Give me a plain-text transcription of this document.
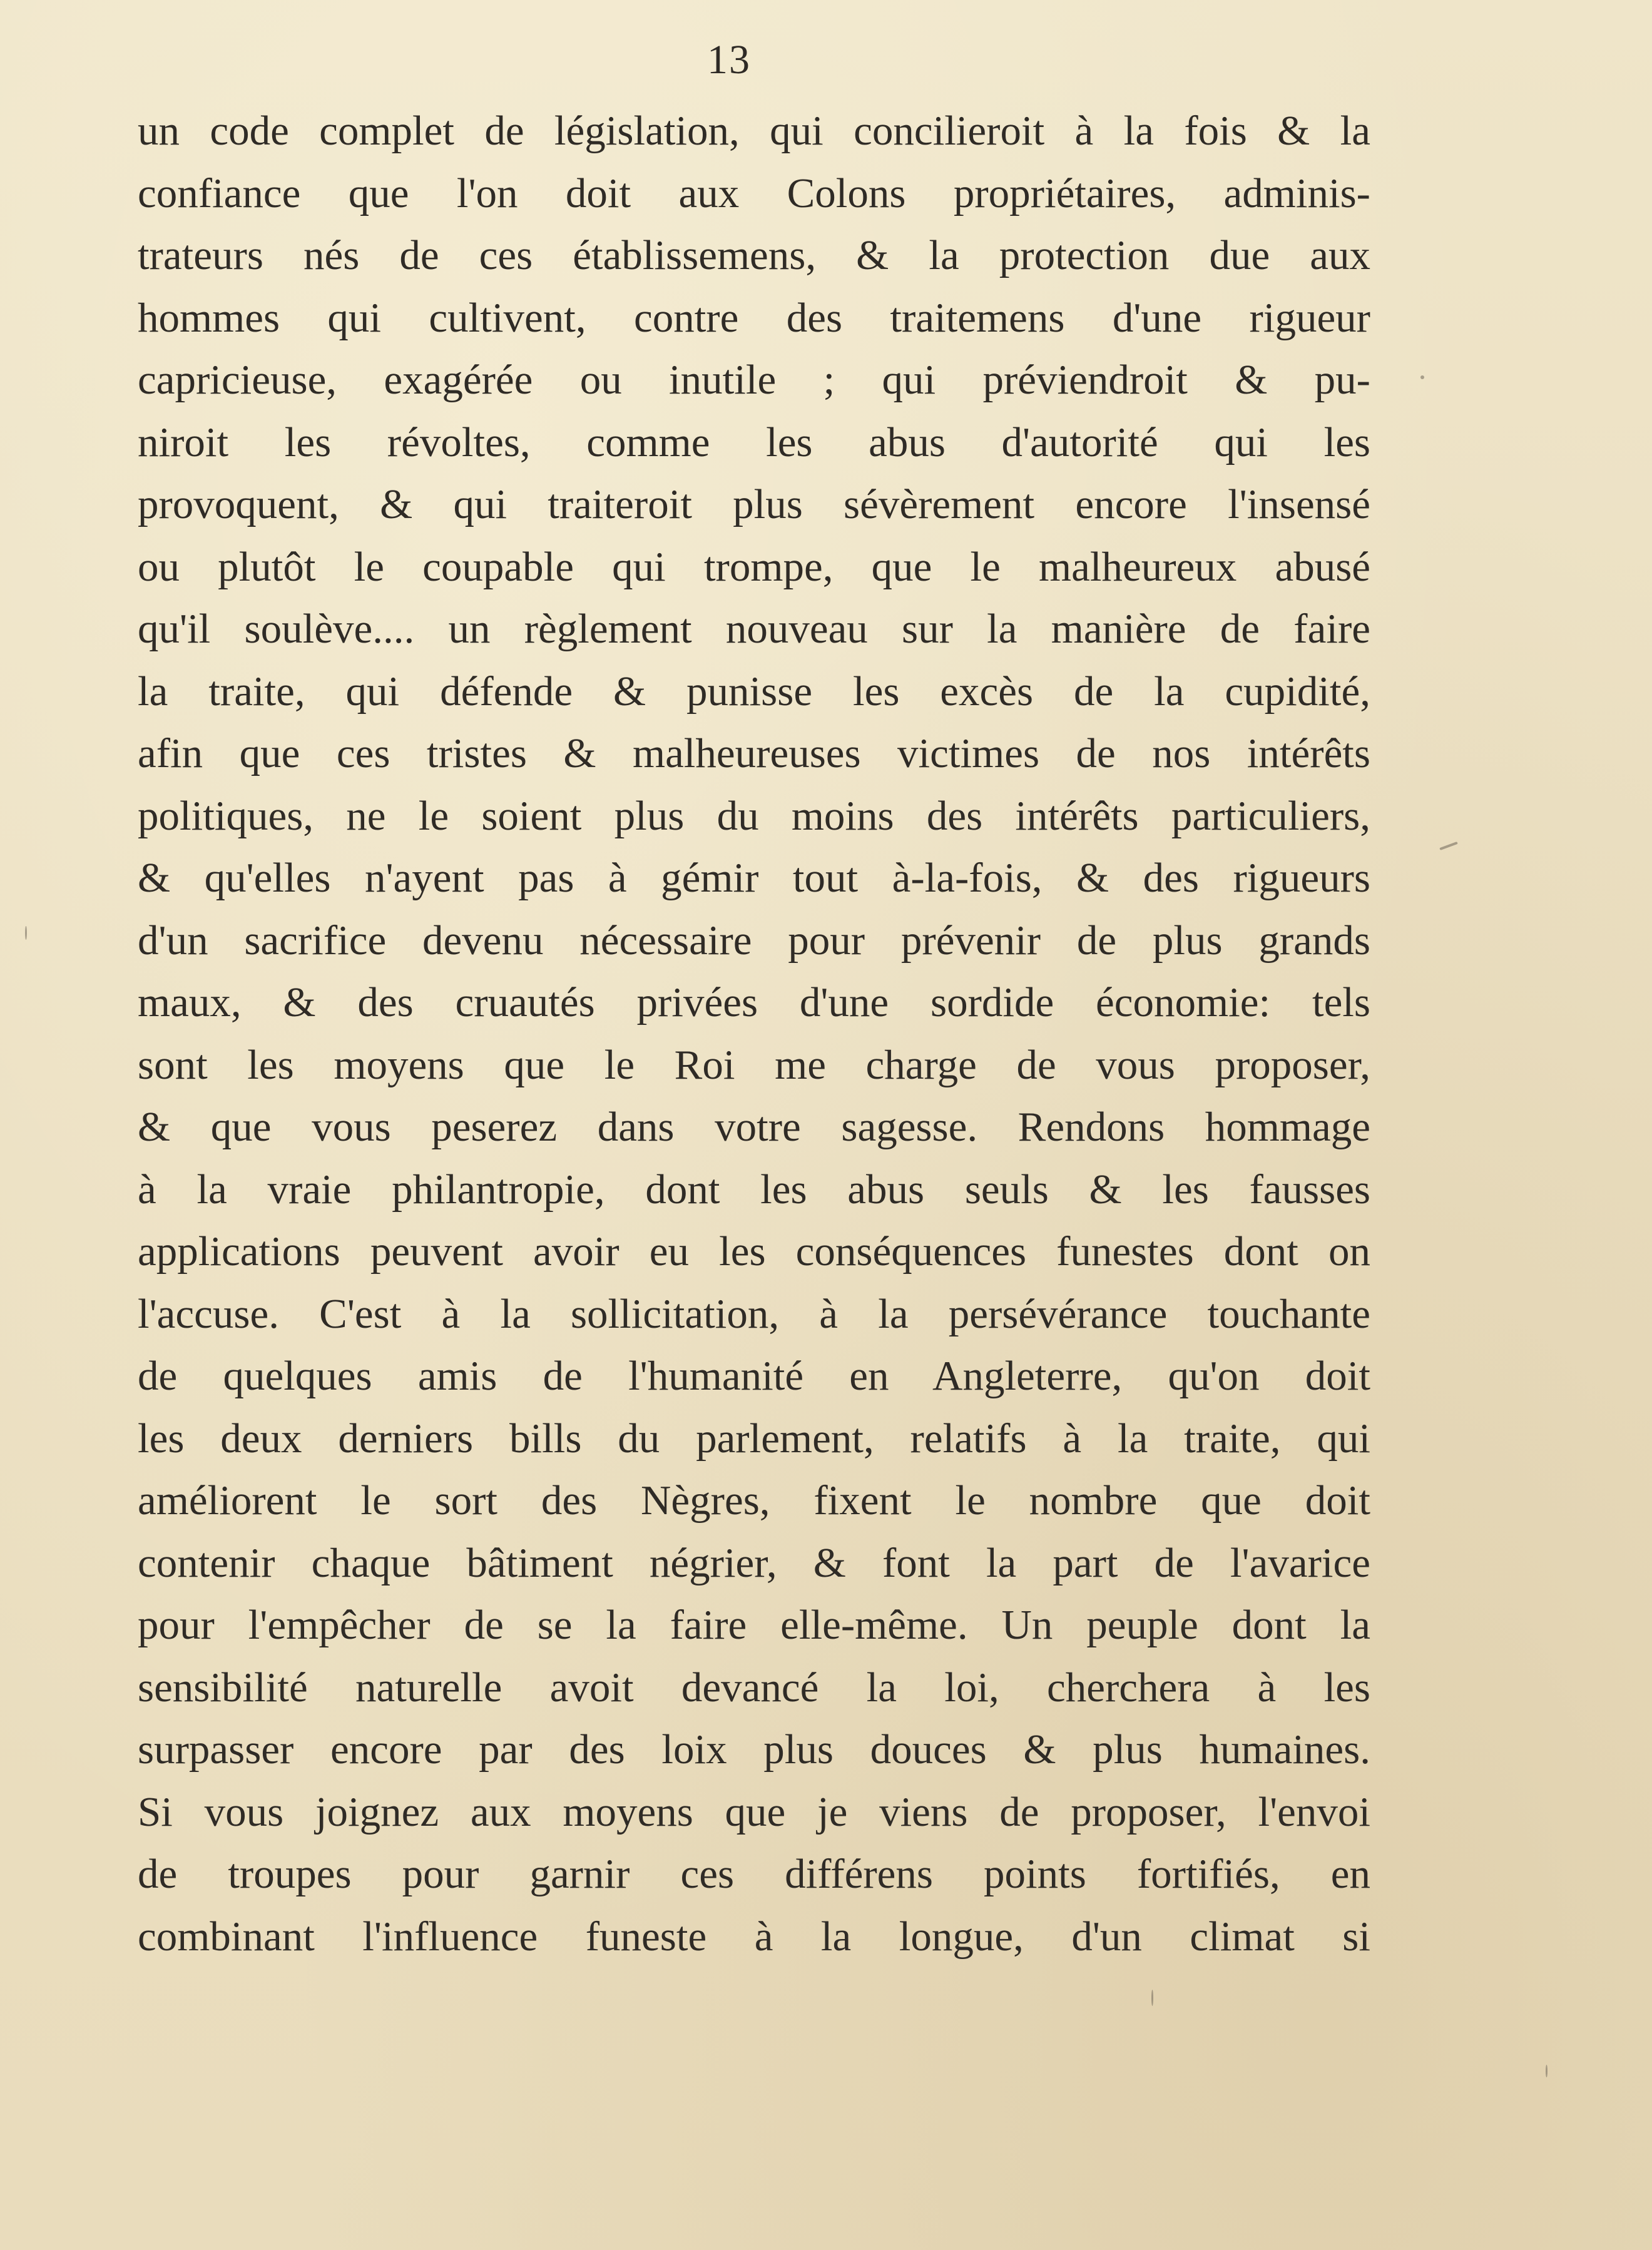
13
un code complet de législation, qui concilieroit à la fois & la
confiance que l'on doit aux Colons propriétaires, adminis-
trateurs nés de ces établissemens, & la protection due aux
hommes qui cultivent, contre des traitemens d'une rigueur
capricieuse, exagérée ou inutile ; qui préviendroit & pu-
niroit les révoltes, comme les abus d'autorité qui les
provoquent, & qui traiteroit plus sévèrement encore l'insensé
ou plutôt le coupable qui trompe, que le malheureux abusé
qu'il soulève.... un règlement nouveau sur la manière de faire
la traite, qui défende & punisse les excès de la cupidité,
afin que ces tristes & malheureuses victimes de nos intérêts
politiques, ne le soient plus du moins des intérêts particuliers,
& qu'elles n'ayent pas à gémir tout à-la-fois, & des rigueurs
d'un sacrifice devenu nécessaire pour prévenir de plus grands
maux, & des cruautés privées d'une sordide économie: tels
sont les moyens que le Roi me charge de vous proposer,
& que vous peserez dans votre sagesse. Rendons hommage
à la vraie philantropie, dont les abus seuls & les fausses
applications peuvent avoir eu les conséquences funestes dont on
l'accuse. C'est à la sollicitation, à la persévérance touchante
de quelques amis de l'humanité en Angleterre, qu'on doit
les deux derniers bills du parlement, relatifs à la traite, qui
améliorent le sort des Nègres, fixent le nombre que doit
contenir chaque bâtiment négrier, & font la part de l'avarice
pour l'empêcher de se la faire elle-même. Un peuple dont la
sensibilité naturelle avoit devancé la loi, cherchera à les
surpasser encore par des loix plus douces & plus humaines.
Si vous joignez aux moyens que je viens de proposer, l'envoi
de troupes pour garnir ces différens points fortifiés, en
combinant l'influence funeste à la longue, d'un climat si
